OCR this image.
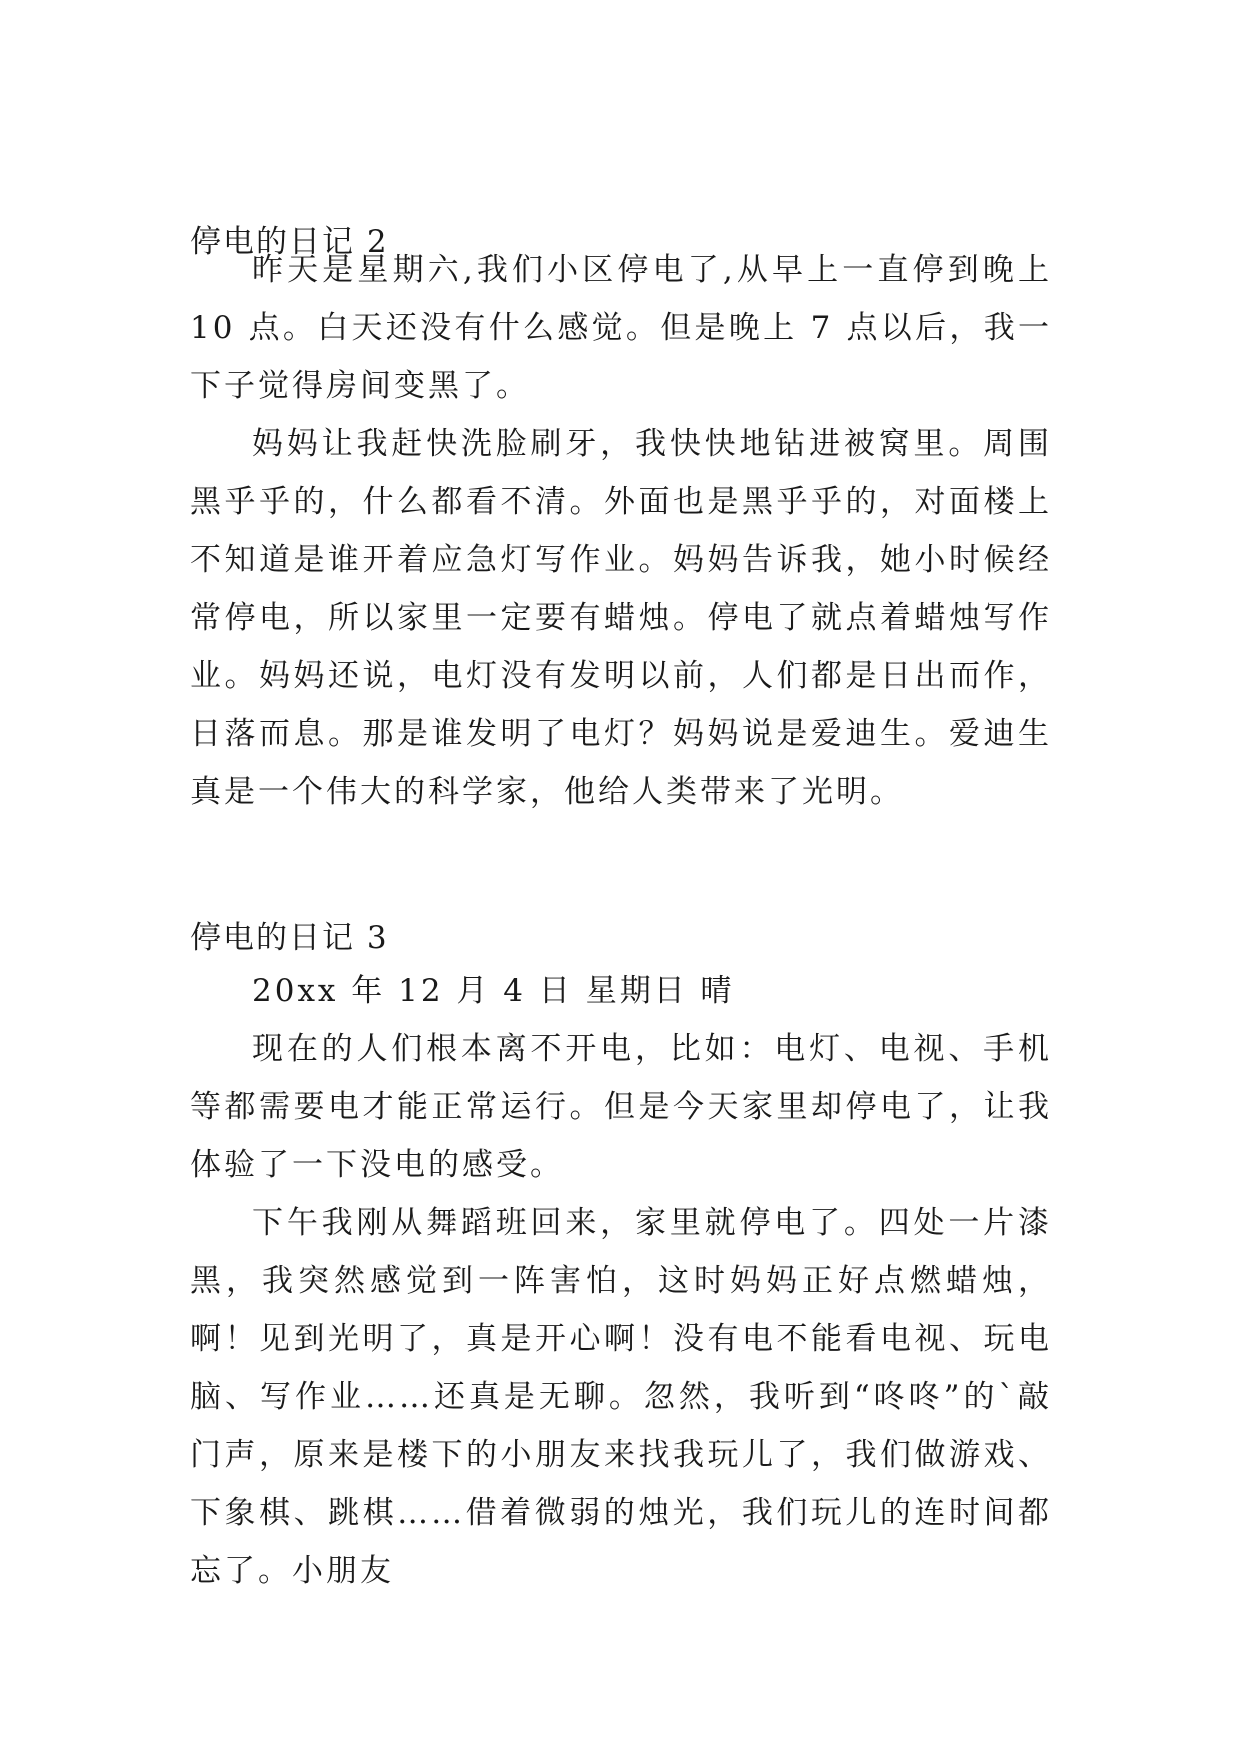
停电的日记 2

昨天是星期六,我们小区停电了,从早上一直停到晚上 10 点。白天还没有什么感觉。但是晚上 7 点以后，我一下子觉得房间变黑了。

妈妈让我赶快洗脸刷牙，我快快地钻进被窝里。周围黑乎乎的，什么都看不清。外面也是黑乎乎的，对面楼上不知道是谁开着应急灯写作业。妈妈告诉我，她小时候经常停电，所以家里一定要有蜡烛。停电了就点着蜡烛写作业。妈妈还说，电灯没有发明以前，人们都是日出而作，日落而息。那是谁发明了电灯？妈妈说是爱迪生。爱迪生真是一个伟大的科学家，他给人类带来了光明。

停电的日记 3

20xx 年 12 月 4 日 星期日 晴

现在的人们根本离不开电，比如：电灯、电视、手机等都需要电才能正常运行。但是今天家里却停电了，让我体验了一下没电的感受。

下午我刚从舞蹈班回来，家里就停电了。四处一片漆黑，我突然感觉到一阵害怕，这时妈妈正好点燃蜡烛，啊！见到光明了，真是开心啊！没有电不能看电视、玩电脑、写作业……还真是无聊。忽然，我听到“咚咚”的`敲门声，原来是楼下的小朋友来找我玩儿了，我们做游戏、下象棋、跳棋……借着微弱的烛光，我们玩儿的连时间都忘了。小朋友
